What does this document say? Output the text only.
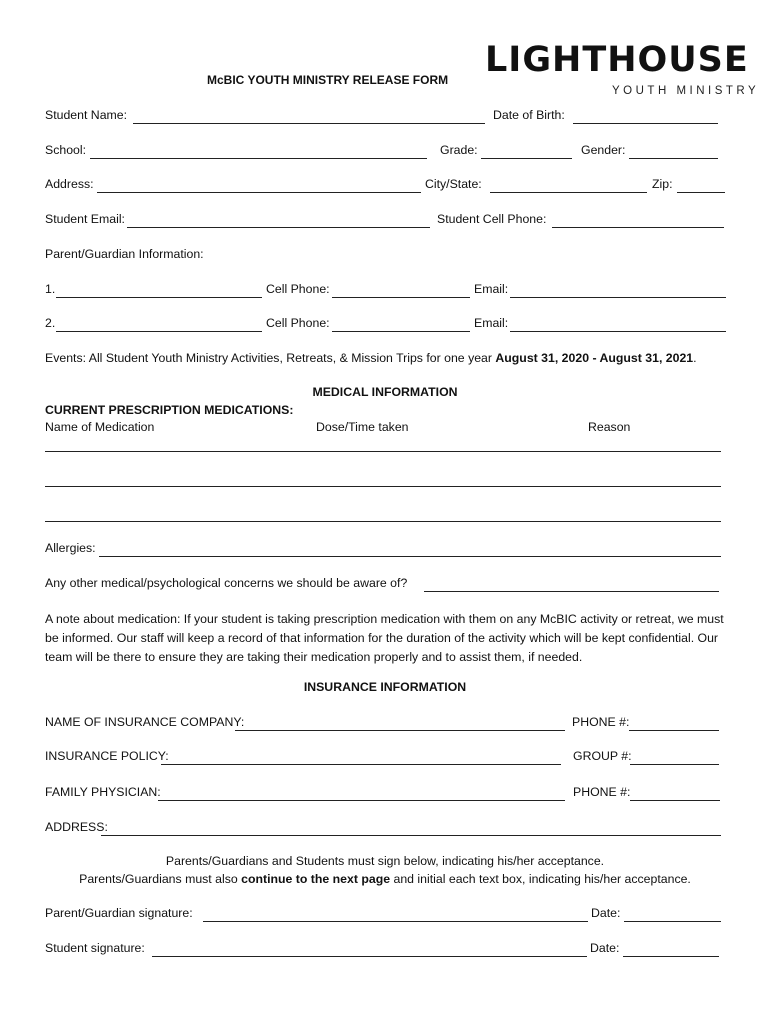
McBIC YOUTH MINISTRY RELEASE FORM LIGHTHOUSE
YOUTH MINISTRY
Student Name:	Date of Birth:
School:	Grade:	Gender:
Address:	City/State:	Zip:
Student Email:	Student Cell Phone:
Parent/Guardian Information:
1.	Cell Phone:	Email:
2.	Cell Phone:	Email:
Events: All Student Youth Ministry Activities, Retreats, & Mission Trips for one year August 31, 2020 - August 31, 2021.
MEDICAL INFORMATION
CURRENT PRESCRIPTION MEDICATIONS:
Name of Medication	Dose/Time taken	Reason
Allergies:
Any other medical/psychological concerns we should be aware of?
A note about medication: If your student is taking prescription medication with them on any McBIC activity or retreat, we must be informed. Our staff will keep a record of that information for the duration of the activity which will be kept confidential. Our team will be there to ensure they are taking their medication properly and to assist them, if needed.
INSURANCE INFORMATION
NAME OF INSURANCE COMPANY:	PHONE #:
INSURANCE POLICY:	GROUP #:
FAMILY PHYSICIAN:	PHONE #:
ADDRESS:
Parents/Guardians and Students must sign below, indicating his/her acceptance.
Parents/Guardians must also continue to the next page and initial each text box, indicating his/her acceptance.
Parent/Guardian signature:	Date:
Student signature:	Date:
